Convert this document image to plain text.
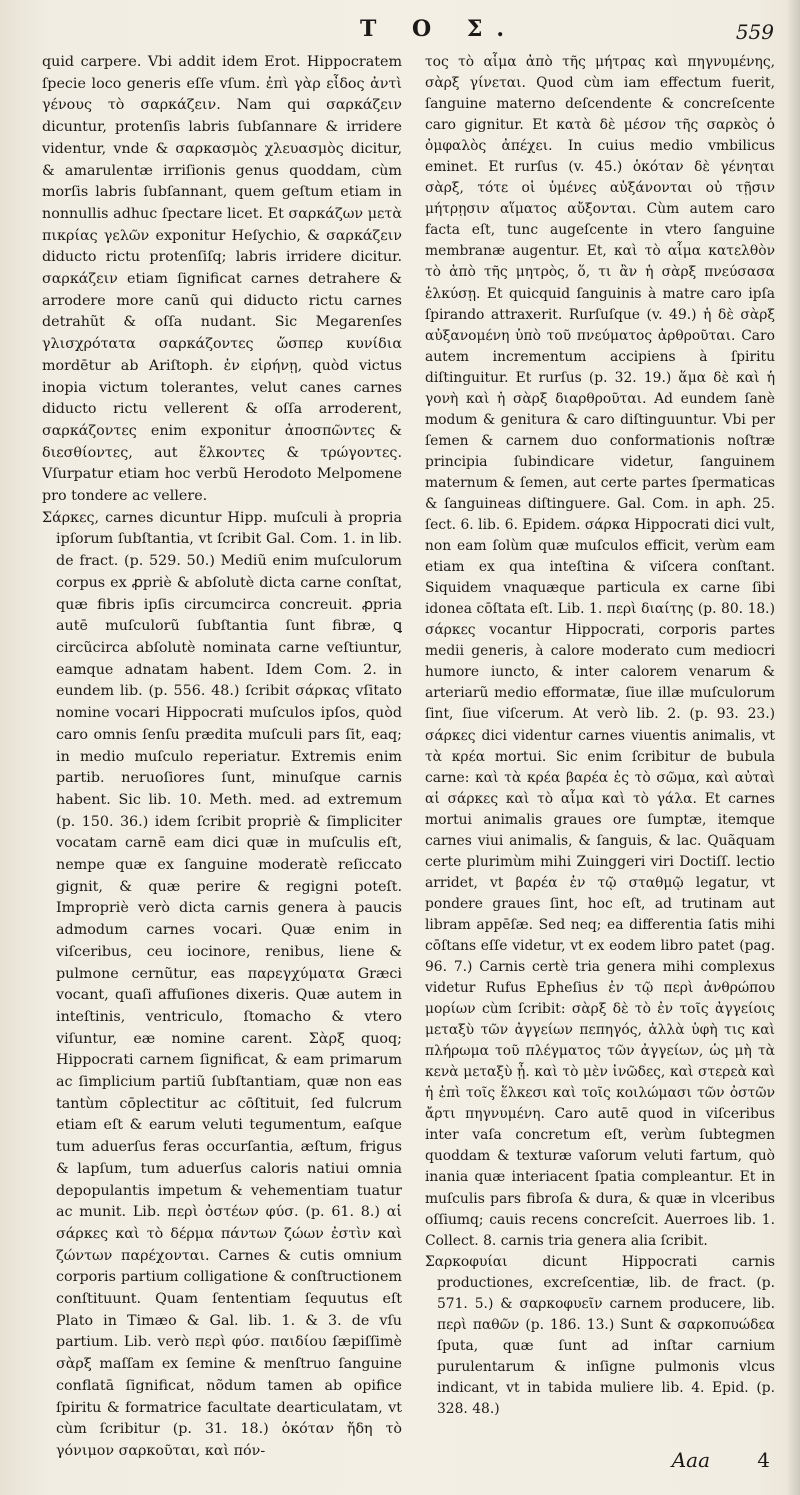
T O Σ.	559

quid carpere. Vbi addit idem Erot. Hippocratem ſpecie loco generis eſſe vſum. ἐπὶ γὰρ εἶδος ἀντὶ γένους τὸ σαρκάζειν. Nam qui σαρκάζειν dicuntur, protenſis labris ſubſannare & irridere videntur, vnde & σαρκασμὸς χλευασμὸς dicitur, & amarulentæ irriſionis genus quoddam, cùm morſis labris ſubſannant, quem geſtum etiam in nonnullis adhuc ſpectare licet. Et σαρκάζων μετὰ πικρίας γελῶν exponitur Heſychio, & σαρκάζειν diducto rictu protenſiſq; labris irridere dicitur. σαρκάζειν etiam ſignificat carnes detrahere & arrodere more canũ qui diducto rictu carnes detrahũt & oſſa nudant. Sic Megarenſes γλισχρότατα σαρκάζοντες ὥσπερ κυνίδια mordētur ab Ariſtoph. ἐν εἰρήνῃ, quòd victus inopia victum tolerantes, velut canes carnes diducto rictu vellerent & oſſa arroderent, σαρκάζοντες enim exponitur ἀποσπῶντες & διεσθίοντες, aut ἕλκοντες & τρώγοντες. Vſurpatur etiam hoc verbũ Herodoto Melpomene pro tondere ac vellere.

Σάρκες, carnes dicuntur Hipp. muſculi à propria ipſorum ſubſtantia, vt ſcribit Gal. Com. 1. in lib. de fract. (p. 529. 50.) Mediũ enim muſculorum corpus ex ꝓpriè & abſolutè dicta carne conſtat, quæ fibris ipſis circumcirca concreuit. ꝓpria autē muſculorũ ſubſtantia ſunt fibræ, ꝗ circũcirca abſolutè nominata carne veſtiuntur, eamque adnatam habent. Idem Com. 2. in eundem lib. (p. 556. 48.) ſcribit σάρκας vſitato nomine vocari Hippocrati muſculos ipſos, quòd caro omnis ſenſu prædita muſculi pars ſit, eaq; in medio muſculo reperiatur. Extremis enim partib. neruoſiores ſunt, minuſque carnis habent. Sic lib. 10. Meth. med. ad extremum (p. 150. 36.) idem ſcribit propriè & ſimpliciter vocatam carnē eam dici quæ in muſculis eſt, nempe quæ ex ſanguine moderatè reſiccato gignit, & quæ perire & regigni poteſt. Impropriè verò dicta carnis genera à paucis admodum carnes vocari. Quæ enim in viſceribus, ceu iocinore, renibus, liene & pulmone cernũtur, eas παρεγχύματα Græci vocant, quaſi affuſiones dixeris. Quæ autem in inteſtinis, ventriculo, ſtomacho & vtero viſuntur, eæ nomine carent. Σὰρξ quoq; Hippocrati carnem ſignificat, & eam primarum ac ſimplicium partiũ ſubſtantiam, quæ non eas tantùm cōplectitur ac cōſtituit, ſed fulcrum etiam eſt & earum veluti tegumentum, eaſque tum aduerſus feras occurſantia, æſtum, frigus & lapſum, tum aduerſus caloris natiui omnia depopulantis impetum & vehementiam tuatur ac munit. Lib. περὶ ὀστέων φύσ. (p. 61. 8.) αἱ σάρκες καὶ τὸ δέρμα πάντων ζώων ἐστὶν καὶ ζώντων παρέχονται. Carnes & cutis omnium corporis partium colligatione & conſtructionem conſtituunt. Quam ſententiam ſequutus eſt Plato in Timæo & Gal. lib. 1. & 3. de vſu partium. Lib. verò περὶ φύσ. παιδίου ſæpiſſimè σὰρξ maſſam ex ſemine & menſtruo ſanguine conflatā ſignificat, nõdum tamen ab opifice ſpiritu & formatrice facultate dearticulatam, vt cùm ſcribitur (p. 31. 18.) ὁκόταν ἤδη τὸ γόνιμον σαρκοῦται, καὶ πόν-

τος τὸ αἷμα ἀπὸ τῆς μήτρας καὶ πηγνυμένης, σὰρξ γίνεται. Quod cùm iam effectum fuerit, ſanguine materno deſcendente & concreſcente caro gignitur. Et κατὰ δὲ μέσον τῆς σαρκὸς ὁ ὀμφαλὸς ἀπέχει. In cuius medio vmbilicus eminet. Et rurſus (v. 45.) ὁκόταν δὲ γένηται σὰρξ, τότε οἱ ὑμένες αὐξάνονται οὐ τῇσιν μήτρῃσιν αἵματος αὔξονται. Cùm autem caro facta eſt, tunc augeſcente in vtero ſanguine membranæ augentur. Et, καὶ τὸ αἷμα κατελθὸν τὸ ἀπὸ τῆς μητρὸς, ὅ, τι ἂν ἡ σὰρξ πνεύσασα ἑλκύσῃ. Et quicquid ſanguinis à matre caro ipſa ſpirando attraxerit. Rurſuſque (v. 49.) ἡ δὲ σὰρξ αὐξανομένη ὑπὸ τοῦ πνεύματος ἀρθροῦται. Caro autem incrementum accipiens à ſpiritu diſtinguitur. Et rurſus (p. 32. 19.) ἅμα δὲ καὶ ἡ γονὴ καὶ ἡ σὰρξ διαρθροῦται. Ad eundem ſanè modum & genitura & caro diſtinguuntur. Vbi per ſemen & carnem duo conformationis noſtræ principia ſubindicare videtur, ſanguinem maternum & ſemen, aut certe partes ſpermaticas & ſanguineas diſtinguere. Gal. Com. in aph. 25. ſect. 6. lib. 6. Epidem. σάρκα Hippocrati dici vult, non eam ſolùm quæ muſculos efficit, verùm eam etiam ex qua inteſtina & viſcera conſtant. Siquidem vnaquæque particula ex carne ſibi idonea cōſtata eſt. Lib. 1. περὶ διαίτης (p. 80. 18.) σάρκες vocantur Hippocrati, corporis partes medii generis, à calore moderato cum mediocri humore iuncto, & inter calorem venarum & arteriarũ medio efformatæ, ſiue illæ muſculorum ſint, ſiue viſcerum. At verò lib. 2. (p. 93. 23.) σάρκες dici videntur carnes viuentis animalis, vt τὰ κρέα mortui. Sic enim ſcribitur de bubula carne: καὶ τὰ κρέα βαρέα ἐς τὸ σῶμα, καὶ αὐταὶ αἱ σάρκες καὶ τὸ αἷμα καὶ τὸ γάλα. Et carnes mortui animalis graues ore ſumptæ, itemque carnes viui animalis, & ſanguis, & lac. Quãquam certe plurimùm mihi Zuinggeri viri Doctiſſ. lectio arridet, vt βαρέα ἐν τῷ σταθμῷ legatur, vt pondere graues ſint, hoc eſt, ad trutinam aut libram appēſæ. Sed neq; ea differentia ſatis mihi cōſtans eſſe videtur, vt ex eodem libro patet (pag. 96. 7.) Carnis certè tria genera mihi complexus videtur Rufus Epheſius ἐν τῷ περὶ ἀνθρώπου μορίων cùm ſcribit: σὰρξ δὲ τὸ ἐν τοῖς ἀγγείοις μεταξὺ τῶν ἀγγείων πεπηγός, ἀλλὰ ὑφὴ τις καὶ πλήρωμα τοῦ πλέγματος τῶν ἀγγείων, ὡς μὴ τὰ κενὰ μεταξὺ ᾖ. καὶ τὸ μὲν ἰνῶδες, καὶ στερεὰ καὶ ἡ ἐπὶ τοῖς ἕλκεσι καὶ τοῖς κοιλώμασι τῶν ὀστῶν ἄρτι πηγνυμένη. Caro autē quod in viſceribus inter vaſa concretum eſt, verùm ſubtegmen quoddam & texturæ vaſorum veluti fartum, quò inania quæ interiacent ſpatia compleantur. Et in muſculis pars fibroſa & dura, & quæ in vlceribus oſſiumq; cauis recens concreſcit. Auerroes lib. 1. Collect. 8. carnis tria genera alia ſcribit.

Σαρκοφυίαι dicunt Hippocrati carnis productiones, excreſcentiæ, lib. de fract. (p. 571. 5.) & σαρκοφυεῖν carnem producere, lib. περὶ παθῶν (p. 186. 13.) Sunt & σαρκοπυώδεα ſputa, quæ ſunt ad inſtar carnium purulentarum & inſigne pulmonis vlcus indicant, vt in tabida muliere lib. 4. Epid. (p. 328. 48.)

Aaa 4
